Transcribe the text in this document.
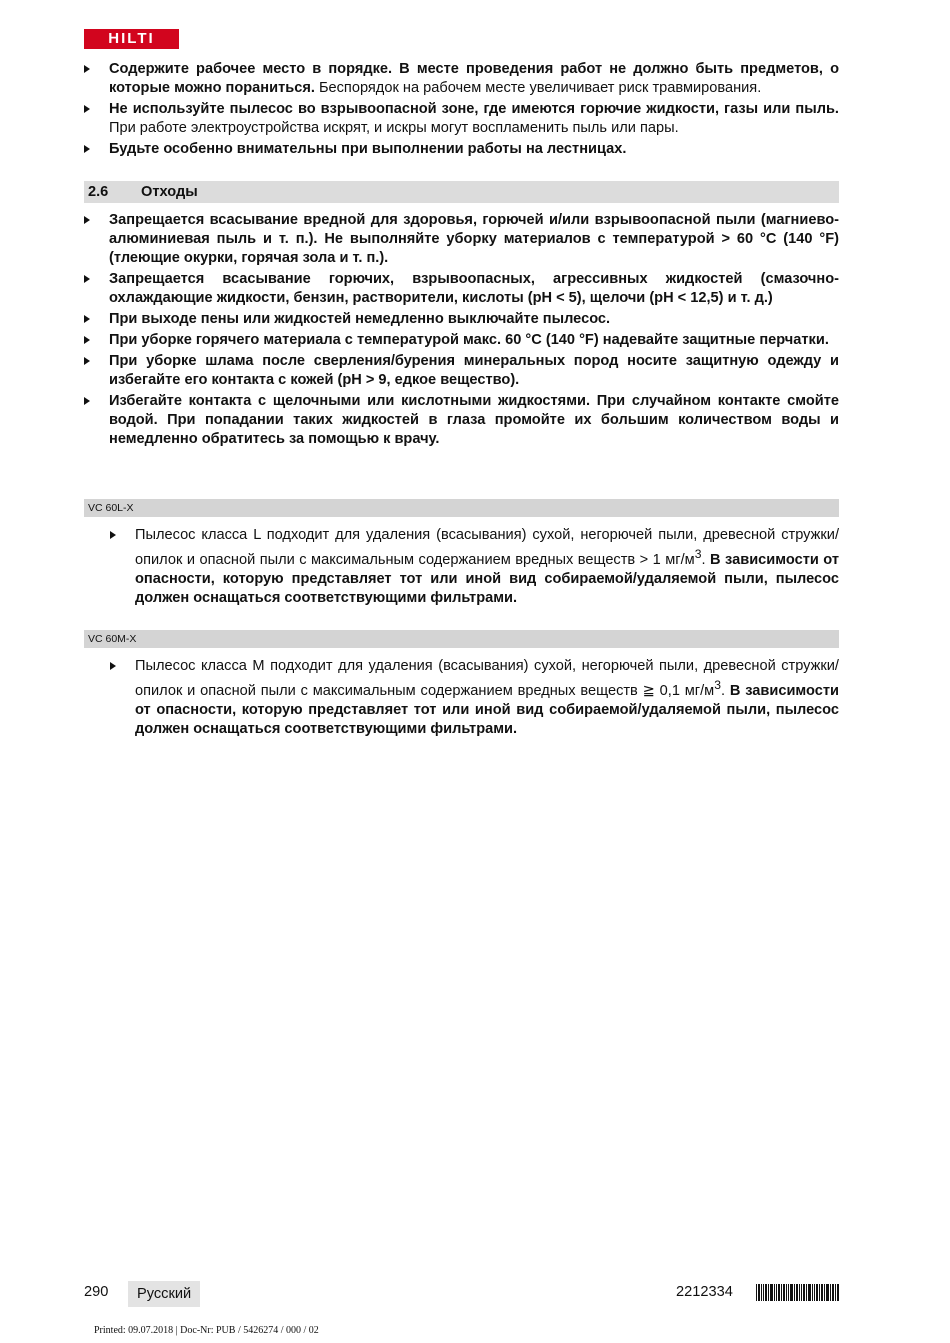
HILTI
Содержите рабочее место в порядке. В месте проведения работ не должно быть предметов, о которые можно пораниться. Беспорядок на рабочем месте увеличивает риск травмирования.
Не используйте пылесос во взрывоопасной зоне, где имеются горючие жидкости, газы или пыль. При работе электроустройства искрят, и искры могут воспламенить пыль или пары.
Будьте особенно внимательны при выполнении работы на лестницах.
2.6 Отходы
Запрещается всасывание вредной для здоровья, горючей и/или взрывоопасной пыли (магниево-алюминиевая пыль и т. п.). Не выполняйте уборку материалов с температурой > 60 °C (140 °F) (тлеющие окурки, горячая зола и т. п.).
Запрещается всасывание горючих, взрывоопасных, агрессивных жидкостей (смазочно-охлаждающие жидкости, бензин, растворители, кислоты (pH < 5), щелочи (pH < 12,5) и т. д.)
При выходе пены или жидкостей немедленно выключайте пылесос.
При уборке горячего материала с температурой макс. 60 °C (140 °F) надевайте защитные перчатки.
При уборке шлама после сверления/бурения минеральных пород носите защитную одежду и избегайте его контакта с кожей (pH > 9, едкое вещество).
Избегайте контакта с щелочными или кислотными жидкостями. При случайном контакте смойте водой. При попадании таких жидкостей в глаза промойте их большим количеством воды и немедленно обратитесь за помощью к врачу.
VC 60L-X
Пылесос класса L подходит для удаления (всасывания) сухой, негорючей пыли, древесной стружки/опилок и опасной пыли с максимальным содержанием вредных веществ > 1 $мг/м^3$. В зависимости от опасности, которую представляет тот или иной вид собираемой/удаляемой пыли, пылесос должен оснащаться соответствующими фильтрами.
VC 60M-X
Пылесос класса M подходит для удаления (всасывания) сухой, негорючей пыли, древесной стружки/опилок и опасной пыли с максимальным содержанием вредных веществ ≧ 0,1 $мг/м^3$. В зависимости от опасности, которую представляет тот или иной вид собираемой/удаляемой пыли, пылесос должен оснащаться соответствующими фильтрами.
290	Русский	2212334
Printed: 09.07.2018 | Doc-Nr: PUB / 5426274 / 000 / 02
